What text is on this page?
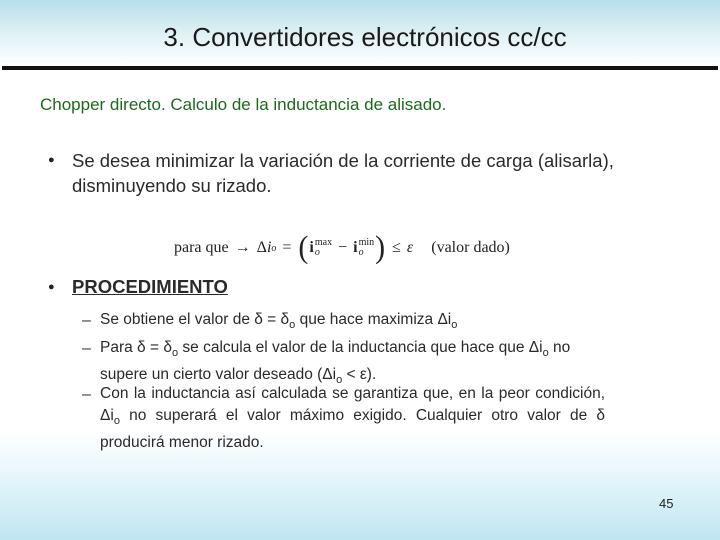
3. Convertidores electrónicos cc/cc
Chopper directo. Calculo de la inductancia de alisado.
● Se desea minimizar la variación de la corriente de carga (alisarla), disminuyendo su rizado.
para que → Δ i o = ( i max
o	− i min
o ) ≤ ε (valor dado)
● PROCEDIMIENTO
– Se obtiene el valor de $\delta = \delta_o$ que hace maximiza $\Delta i_o$
– Para $\delta = \delta_o$ se calcula el valor de la inductancia que hace que $\Delta i_o$ no supere un cierto valor deseado $(\Delta i_o < \varepsilon)$.
– Con la inductancia así calculada se garantiza que, en la peor condición, $\Delta i_o$ no superará el valor máximo exigido. Cualquier otro valor de δ producirá menor rizado.
45
